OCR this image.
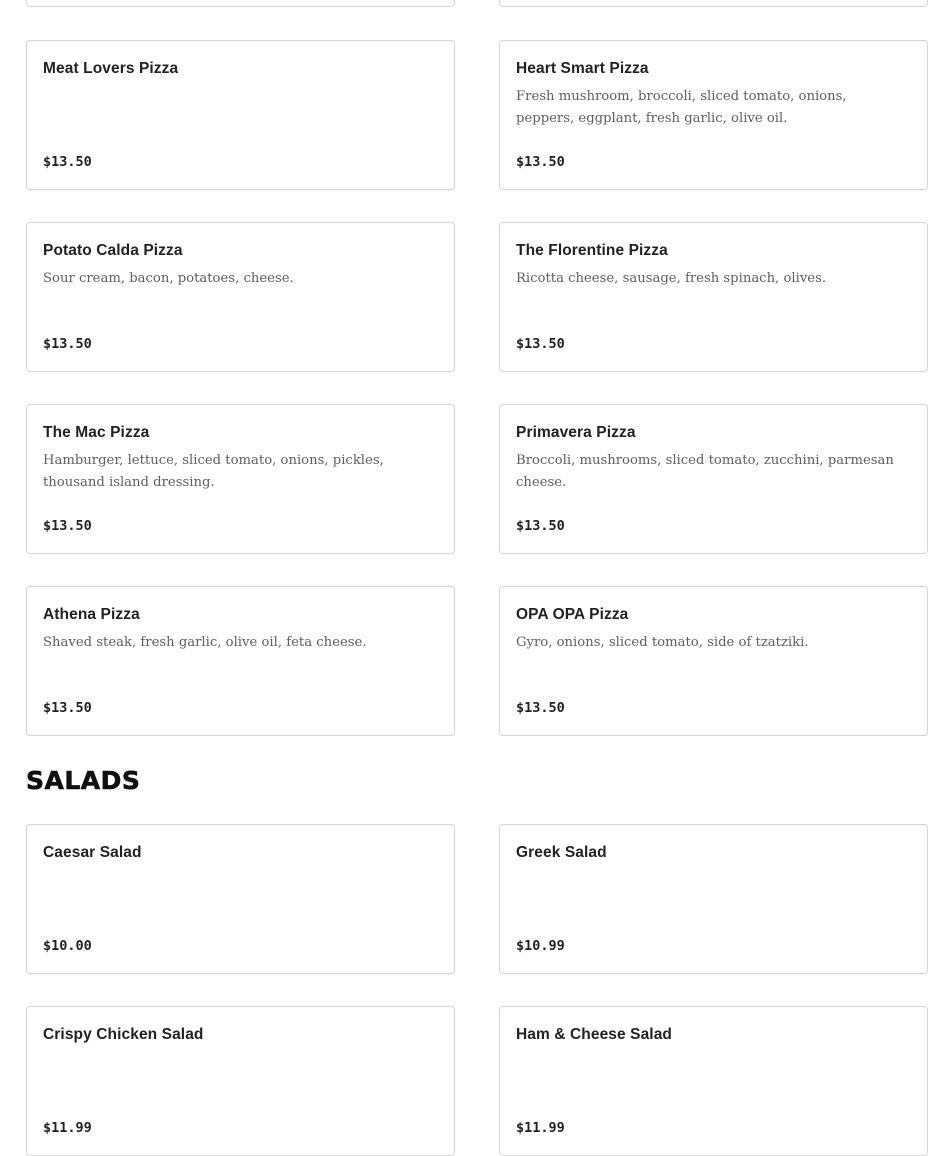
Meat Lovers Pizza
$13.50
Heart Smart Pizza
Fresh mushroom, broccoli, sliced tomato, onions, peppers, eggplant, fresh garlic, olive oil.
$13.50
Potato Calda Pizza
Sour cream, bacon, potatoes, cheese.
$13.50
The Florentine Pizza
Ricotta cheese, sausage, fresh spinach, olives.
$13.50
The Mac Pizza
Hamburger, lettuce, sliced tomato, onions, pickles, thousand island dressing.
$13.50
Primavera Pizza
Broccoli, mushrooms, sliced tomato, zucchini, parmesan cheese.
$13.50
Athena Pizza
Shaved steak, fresh garlic, olive oil, feta cheese.
$13.50
OPA OPA Pizza
Gyro, onions, sliced tomato, side of tzatziki.
$13.50
SALADS
Caesar Salad
$10.00
Greek Salad
$10.99
Crispy Chicken Salad
$11.99
Ham & Cheese Salad
$11.99
